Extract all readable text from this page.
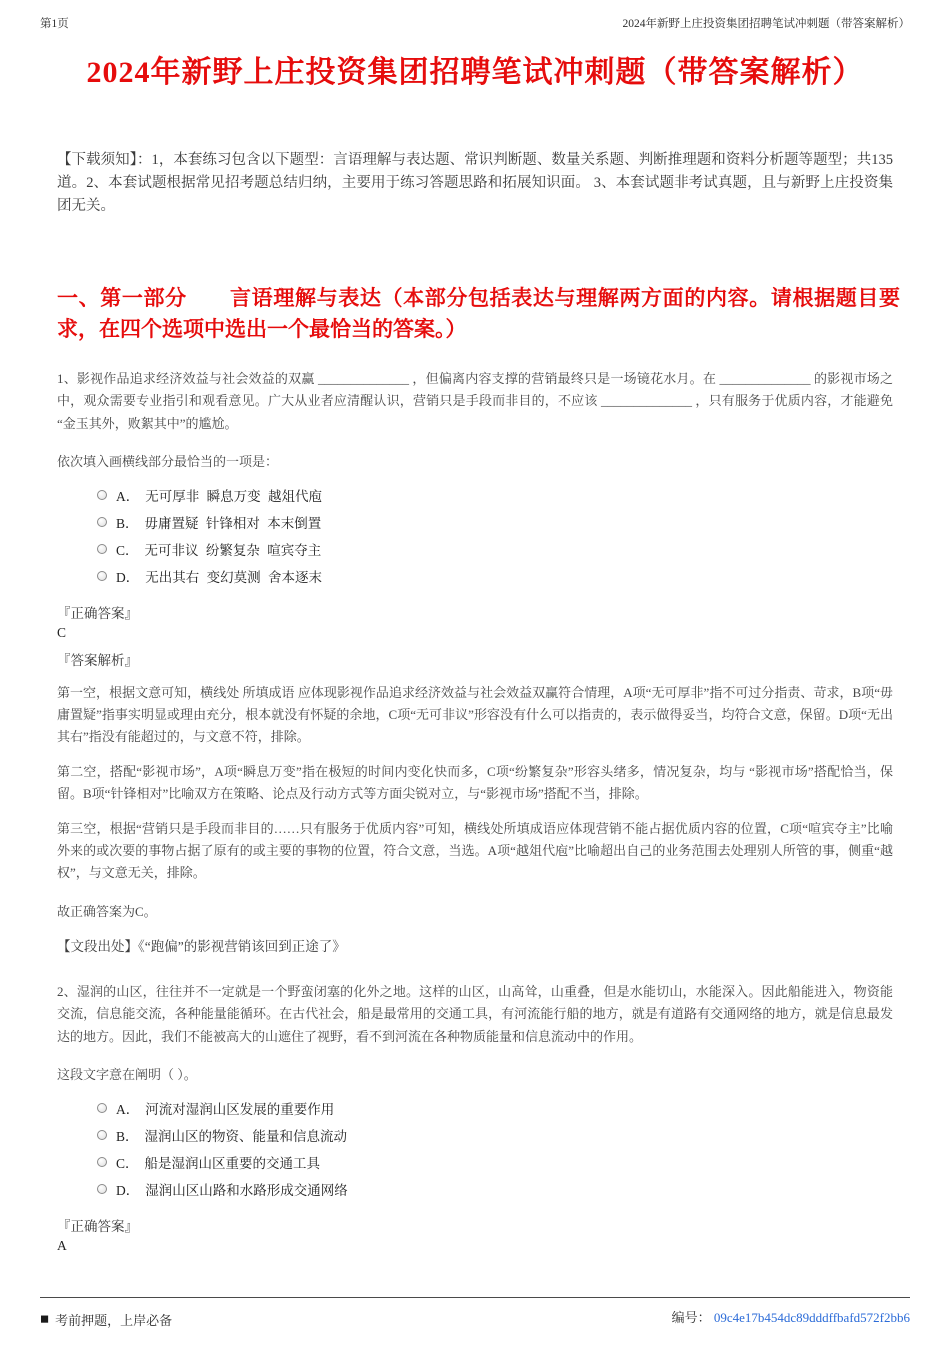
第1页	2024年新野上庄投资集团招聘笔试冲刺题（带答案解析）
2024年新野上庄投资集团招聘笔试冲刺题（带答案解析）

【下载须知】：1，本套练习包含以下题型：言语理解与表达题、常识判断题、数量关系题、判断推理题和资料分析题等题型；共135道。2、本套试题根据常见招考题总结归纳，主要用于练习答题思路和拓展知识面。 3、本套试题非考试真题，且与新野上庄投资集团无关。

一、第一部分　　言语理解与表达（本部分包括表达与理解两方面的内容。请根据题目要求，在四个选项中选出一个最恰当的答案。）

1、影视作品追求经济效益与社会效益的双赢 ______________ ，但偏离内容支撑的营销最终只是一场镜花水月。在 ______________ 的影视市场之中，观众需要专业指引和观看意见。广大从业者应清醒认识，营销只是手段而非目的，不应该 ______________ ，只有服务于优质内容，才能避免“金玉其外，败絮其中”的尴尬。

依次填入画横线部分最恰当的一项是：

A． 无可厚非 瞬息万变 越俎代庖
B． 毋庸置疑 针锋相对 本末倒置
C． 无可非议 纷繁复杂 喧宾夺主
D． 无出其右 变幻莫测 舍本逐末

『正确答案』

C

『答案解析』

第一空，根据文意可知，横线处 所填成语 应体现影视作品追求经济效益与社会效益双赢符合情理，A项“无可厚非”指不可过分指责、苛求，B项“毋庸置疑”指事实明显或理由充分，根本就没有怀疑的余地，C项“无可非议”形容没有什么可以指责的，表示做得妥当，均符合文意，保留。D项“无出其右”指没有能超过的，与文意不符，排除。

第二空，搭配“影视市场”，A项“瞬息万变”指在极短的时间内变化快而多，C项“纷繁复杂”形容头绪多，情况复杂，均与 “影视市场”搭配恰当，保留。B项“针锋相对”比喻双方在策略、论点及行动方式等方面尖锐对立，与“影视市场”搭配不当，排除。

第三空，根据“营销只是手段而非目的……只有服务于优质内容”可知，横线处所填成语应体现营销不能占据优质内容的位置，C项“喧宾夺主”比喻外来的或次要的事物占据了原有的或主要的事物的位置，符合文意，当选。A项“越俎代庖”比喻超出自己的业务范围去处理别人所管的事，侧重“越权”，与文意无关，排除。

故正确答案为C。

【文段出处】《“跑偏”的影视营销该回到正途了》

2、湿润的山区，往往并不一定就是一个野蛮闭塞的化外之地。这样的山区，山高耸，山重叠，但是水能切山，水能深入。因此船能进入，物资能交流，信息能交流，各种能量能循环。在古代社会，船是最常用的交通工具，有河流能行船的地方，就是有道路有交通网络的地方，就是信息最发达的地方。因此，我们不能被高大的山遮住了视野，看不到河流在各种物质能量和信息流动中的作用。

这段文字意在阐明（ ）。

A． 河流对湿润山区发展的重要作用
B． 湿润山区的物资、能量和信息流动
C． 船是湿润山区重要的交通工具
D． 湿润山区山路和水路形成交通网络

『正确答案』

A

◼ 考前押题，上岸必备	编号： 09c4e17b454dc89dddffbafd572f2bb6
